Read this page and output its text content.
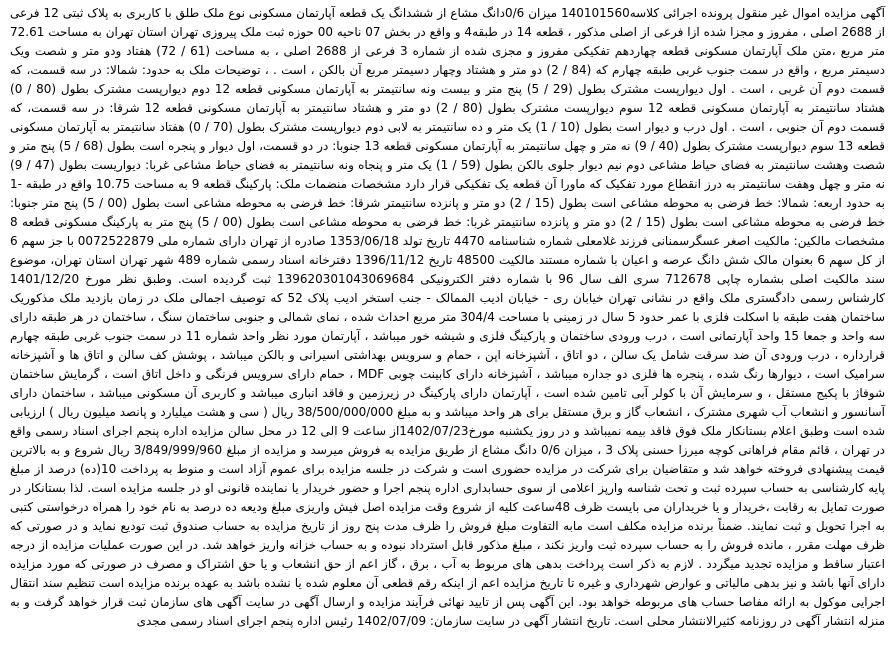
آگهی مزایده اموال غیر منقول پرونده اجرائی کلاسه140101560 میزان 0/6دانگ مشاع از ششدانگ یک قطعه آپارتمان مسکونی نوع ملک طلق با کاربری به پلاک ثبتی 12 فرعی از 2688 اصلی ، مفروز و مجزا شده ازا فرعی از اصلی مذکور ، قطعه 14 در طبقه4 و واقع در بخش 07 ناحیه 00 حوزه ثبت ملک پیروزی تهران استان تهران به مساحت 72.61 متر مربع ،متن ملک آپارتمان مسکونی قطعه چهاردهم تفکیکی مفروز و مجزی شده از شماره 3 فرعی از 2688 اصلی ، به مساحت (61 / 72) هفتاد ودو متر و شصت ویک دسیمتر مربع ، واقع در سمت جنوب غربی طبقه چهارم که (84 / 2) دو متر و هشتاد وچهار دسیمتر مربع آن بالکن ، است . ، توضیحات ملک به حدود: شمالا: در سه قسمت، که قسمت دوم آن غربی ، است . اول دیوارپست مشترک بطول (29 / 5) پنج متر و بیست ونه سانتیمتر به آپارتمان مسکونی قطعه 12 دوم دیوارپست مشترک بطول (80 / 0) هشتاد سانتیمتر به آپارتمان مسکونی قطعه 12 سوم دیوارپست مشترک بطول (80 / 2) دو متر و هشتاد سانتیمتر به آپارتمان مسکونی قطعه 12 شرقا: در سه قسمت، که قسمت دوم آن جنوبی ، است . اول درب و دیوار است بطول (10 / 1) یک متر و ده سانتیمتر به لابی دوم دیوارپست مشترک بطول (70 / 0) هفتاد سانتیمتر به آپارتمان مسکونی قطعه 13 سوم دیوارپست مشترک بطول (40 / 9) نه متر و چهل سانتیمتر به آپارتمان مسکونی قطعه 13 جنوبا: در دو قسمت، اول دیوار و پنجره است بطول (68 / 5) پنج متر و شصت وهشت سانتیمتر به فضای حیاط مشاعی دوم نیم دیوار جلوی بالکن بطول (59 / 1) یک متر و پنجاه ونه سانتیمتر به فضای حیاط مشاعی غربا: دیواریست بطول (47 / 9) نه متر و چهل وهفت سانتیمتر به درز انقطاع مورد تفکیک که ماورا آن قطعه یک تفکیکی قرار دارد مشخصات منضمات ملک: پارکینگ قطعه 9 به مساحت 10.75 واقع در طبقه -1 به حدود اربعه: شمالا: خط فرضی به محوطه مشاعی است بطول (15 / 2) دو متر و پانزده سانتیمتر شرقا: خط فرضی به محوطه مشاعی است بطول (00 / 5) پنج متر جنوبا: خط فرضی به محوطه مشاعی است بطول (15 / 2) دو متر و پانزده سانتیمتر غربا: خط فرضی به محوطه مشاعی است بطول (00 / 5) پنج متر به پارکینگ مسکونی قطعه 8 مشخصات مالکین: مالکیت اصغر عسگرسمنانی فرزند غلامعلی شماره شناسنامه 4470 تاریخ تولد 1353/06/18 صادره از تهران دارای شماره ملی 0072522879 با جز سهم 6 از کل سهم 6 بعنوان مالک شش دانگ عرصه و اعیان با شماره مستند مالکیت 48500 تاریخ 1396/11/12 دفترخانه اسناد رسمی شماره 489 شهر تهران استان تهران، موضوع سند مالکیت اصلی بشماره چاپی 712678 سری الف سال 96 با شماره دفتر الکترونیکی 139620301043069684 ثبت گردیده است. وطبق نظر مورخ 1401/12/20 کارشناس رسمی دادگستری ملک واقع در نشانی تهران خیابان ری - خیابان ادیب الممالک - جنب استخر ادیب پلاک 52 که توصیف اجمالی ملک در زمان بازدید ملک مذکوریک ساختمان هفت طبقه با اسکلت فلزی با عمر حدود 5 سال در زمینی با مساحت 304/4 متر مربع احداث شده ، نمای شمالی و جنوبی ساختمان سنگ ، ساختمان در هر طبقه دارای سه واحد و جمعا 15 واحد آپارتمانی است ، درب ورودی ساختمان و پارکینگ فلزی و شیشه خور میباشد ، آپارتمان مورد نظر واحد شماره 11 در سمت جنوب غربی طبقه چهارم قرارداره ، درب ورودی آن ضد سرقت شامل یک سالن ، دو اتاق ، آشپزخانه اپن ، حمام و سرویس بهداشتی اسیرانی و بالکن میباشد ، پوشش کف سالن و اتاق ها و آشپزخانه سرامیک است ، دیوارها رنگ شده ، پنجره ها فلزی دو جداره میباشد ، آشپزخانه دارای کابینت چوبی MDF ، حمام دارای سرویس فرنگی و داخل اتاق است ، گرمایش ساختمان شوفاژ با پکیج مستقل ، و سرمایش آن با کولر آبی تامین شده است ، آپارتمان دارای پارکینگ در زیرزمین و فاقد انباری میباشد و کاربری آن مسکونی میباشد ، ساختمان دارای آسانسور و انشعاب آب شهری مشترک ، انشعاب گاز و برق مستقل برای هر واحد میباشد و به مبلغ 38/500/000/000 ریال ( سی و هشت میلیارد و پانصد میلیون ریال ) ارزیابی شده است وطبق اعلام بستانکار ملک فوق فاقد بیمه نمیباشد و در روز یکشنبه مورخ1402/07/23از ساعت 9 الی 12 در محل سالن مزایده اداره پنجم اجرای اسناد رسمی واقع در تهران ، قائم مقام فراهانی کوچه میرزا حسنی پلاک 3 ، میزان 0/6 دانگ مشاع از طریق مزایده به فروش میرسد و مزایده از مبلغ 3/849/999/960 ریال شروع و به بالاترین قیمت پیشنهادی فروخته خواهد شد و متقاضیان برای شرکت در مزایده حضوری است و شرکت در جلسه مزایده برای عموم آزاد است و منوط به پرداخت 10(ده) درصد از مبلغ پایه کارشناسی به حساب سپرده ثبت و تحت شناسه وارپز اعلامی از سوی حسابداری اداره پنجم اجرا و حضور خریدار یا نماینده قانونی او در جلسه مزایده است. لذا بستانکار در صورت تمایل به رقابت ،خریدار و یا خریداران می بایست ظرف 48ساعت کلیه از شروع وقت مزایده اصل فیش واریزی مبلغ ودیعه ده درصد به نام خود را همراه درخواستی کتبی به اجرا تحویل و ثبت نمایند. ضمناً برنده مزایده مکلف است مابه التفاوت مبلغ فروش را ظرف مدت پنج روز از تاریخ مزایده به حساب صندوق ثبت تودیع نماید و در صورتی که ظرف مهلت مقرر ، مانده فروش را به حساب سپرده ثبت واریز نکند ، مبلغ مذکور قابل استرداد نبوده و به حساب خزانه واریز خواهد شد. در این صورت عملیات مزایده از درجه اعتبار ساقط و مزایده تجدید میگردد . لازم به ذکر است پرداخت بدهی های مربوط به آب ، برق ، گاز اعم از حق انشعاب و یا حق اشتراک و مصرف در صورتی که مورد مزایده دارای آنها باشد و نیز بدهی مالیاتی و عوارض شهرداری و غیره تا تاریخ مزایده اعم از اینکه رقم قطعی آن معلوم شده یا نشده باشد به عهده برنده مزایده است تنظیم سند انتقال اجرایی موکول به ارائه مفاصا حساب های مربوطه خواهد بود. این آگهی پس از تایید نهائی فرآیند مزایده و ارسال آگهی در سایت آگهی های سازمان ثبت قرار خواهد گرفت و به منزله انتشار آگهی در روزنامه کثیرالانتشار محلی است. تاریخ انتشار آگهی در سایت سازمان: 1402/07/09 رئیس اداره پنجم اجرای اسناد رسمی مجدی
